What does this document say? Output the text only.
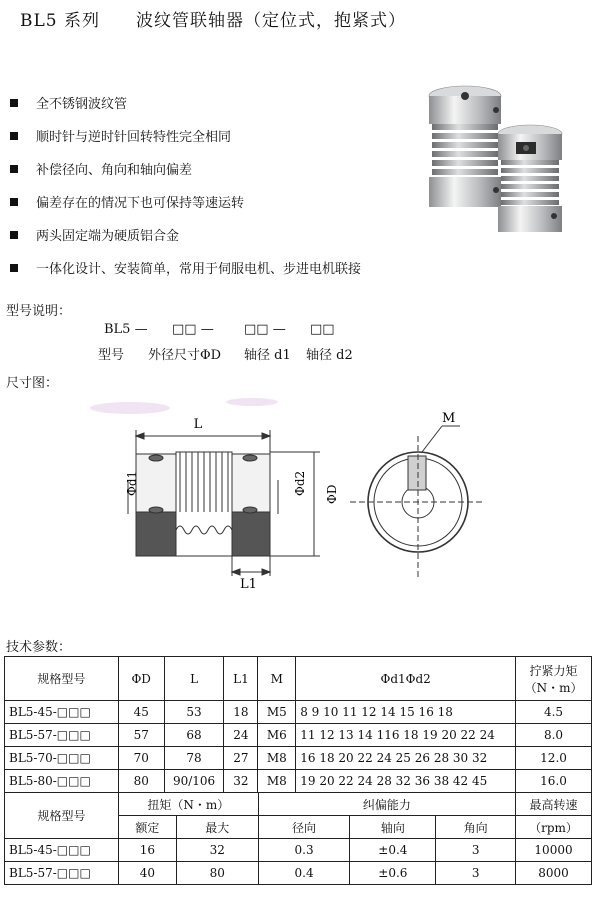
BL5 系列 波纹管联轴器（定位式，抱紧式）
全不锈钢波纹管
顺时针与逆时针回转特性完全相同
补偿径向、角向和轴向偏差
偏差存在的情况下也可保持等速运转
两头固定端为硬质铝合金
一体化设计、安装简单，常用于伺服电机、步进电机联接
型号说明：
BL5 — □□ — □□ — □□
型号 外径尺寸ΦD 轴径 d1 轴径 d2
尺寸图：
L
L1
Φd1	Φd2 ΦD
M
技术参数：
规格型号	ΦD	L	L1	M	Φd1Φd2	拧紧力矩
（N・m）

BL5-45-□□□	45	53	18	M5	8 9 10 11 12 14 15 16 18	4.5
BL5-57-□□□	57	68	24	M6	11 12 13 14 116 18 19 20 22 24	8.0
BL5-70-□□□	70	78	27	M8	16 18 20 22 24 25 26 28 30 32	12.0
BL5-80-□□□	80	90/106	32	M8	19 20 22 24 28 32 36 38 42 45	16.0
规格型号	扭矩（N・m）		纠偏能力			最高转速
	额定	最大	径向	轴向	角向	（rpm）
BL5-45-□□□	16	32	0.3	±0.4	3	10000
BL5-57-□□□	40	80	0.4	±0.6	3	8000
